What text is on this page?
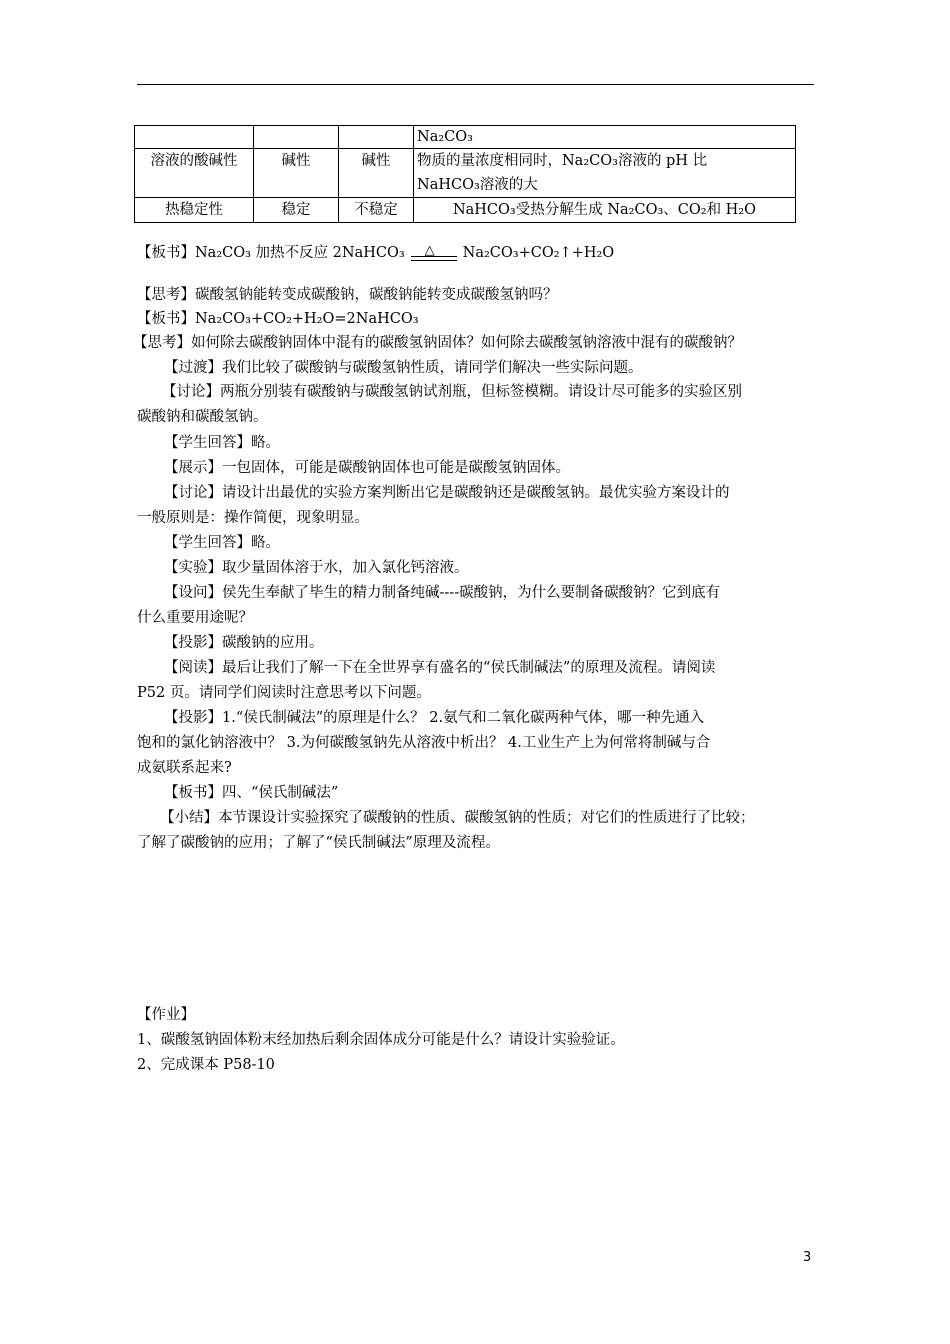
			Na₂CO₃
溶液的酸碱性	碱性	碱性	物质的量浓度相同时，Na₂CO₃溶液的 pH 比
NaHCO₃溶液的大

热稳定性	稳定	不稳定	NaHCO₃受热分解生成 Na₂CO₃、CO₂和 H₂O
【板书】Na₂CO₃ 加热不反应 2NaHCO₃ △ Na₂CO₃+CO₂↑+H₂O
【思考】碳酸氢钠能转变成碳酸钠，碳酸钠能转变成碳酸氢钠吗？
【板书】Na₂CO₃+CO₂+H₂O=2NaHCO₃
【思考】如何除去碳酸钠固体中混有的碳酸氢钠固体？如何除去碳酸氢钠溶液中混有的碳酸钠？
【过渡】我们比较了碳酸钠与碳酸氢钠性质，请同学们解决一些实际问题。
【讨论】两瓶分别装有碳酸钠与碳酸氢钠试剂瓶，但标签模糊。请设计尽可能多的实验区别
碳酸钠和碳酸氢钠。
【学生回答】略。
【展示】一包固体，可能是碳酸钠固体也可能是碳酸氢钠固体。
【讨论】请设计出最优的实验方案判断出它是碳酸钠还是碳酸氢钠。最优实验方案设计的
一般原则是：操作简便，现象明显。
【学生回答】略。
【实验】取少量固体溶于水，加入氯化钙溶液。
【设问】侯先生奉献了毕生的精力制备纯碱----碳酸钠，为什么要制备碳酸钠？它到底有
什么重要用途呢？
【投影】碳酸钠的应用。
【阅读】最后让我们了解一下在全世界享有盛名的“侯氏制碱法”的原理及流程。请阅读
P52 页。请同学们阅读时注意思考以下问题。
【投影】1.“侯氏制碱法”的原理是什么？ 2.氨气和二氧化碳两种气体，哪一种先通入
饱和的氯化钠溶液中？ 3.为何碳酸氢钠先从溶液中析出？ 4.工业生产上为何常将制碱与合
成氨联系起来?
【板书】四、“侯氏制碱法”
【小结】本节课设计实验探究了碳酸钠的性质、碳酸氢钠的性质；对它们的性质进行了比较；
了解了碳酸钠的应用；了解了“侯氏制碱法”原理及流程。
【作业】
1、碳酸氢钠固体粉末经加热后剩余固体成分可能是什么？请设计实验验证。
2、完成课本 P58-10
3
